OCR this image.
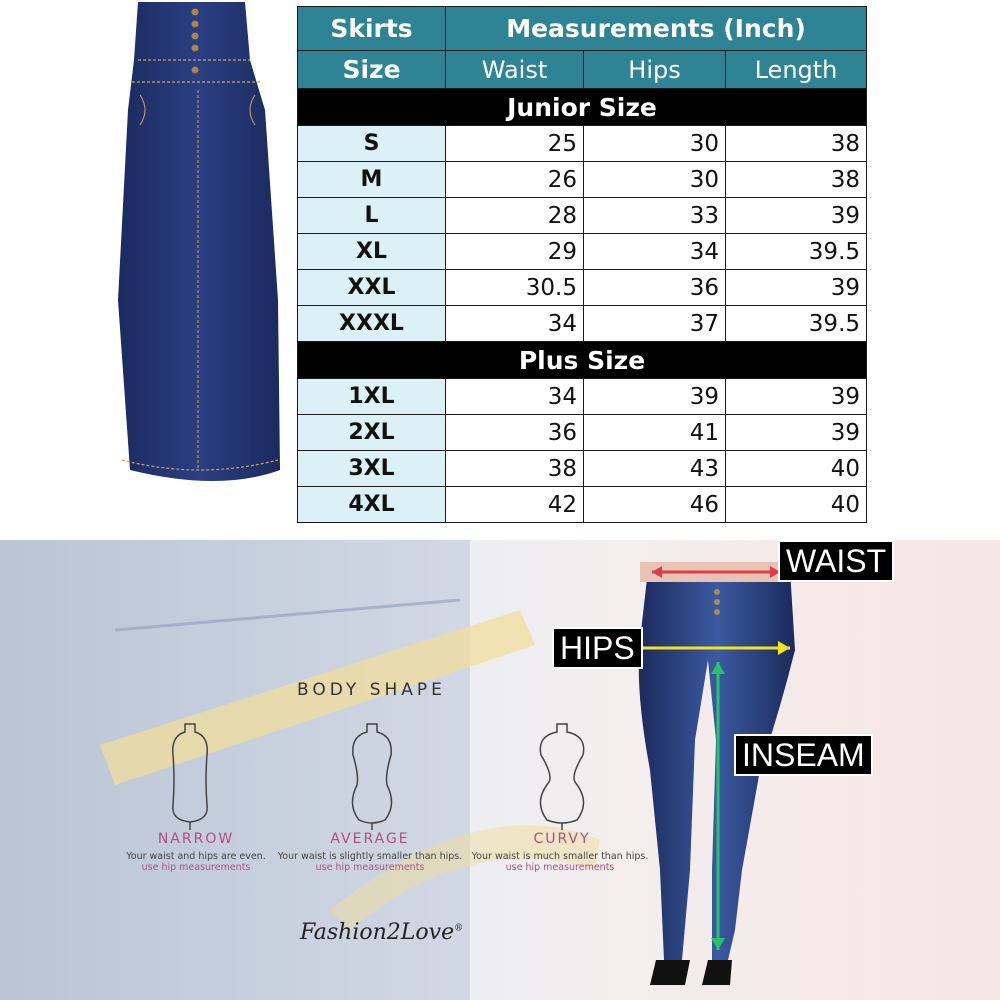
Skirts	Measurements (Inch)		
Size	Waist	Hips	Length
Junior Size			
S	25	30	38
M	26	30	38
L	28	33	39
XL	29	34	39.5
XXL	30.5	36	39
XXXL	34	37	39.5
Plus Size			
1XL	34	39	39
2XL	36	41	39
3XL	38	43	40
4XL	42	46	40
BODY SHAPE
NARROW
Your waist and hips are even.
use hip measurements
AVERAGE
Your waist is slightly smaller than hips.
use hip measurements
CURVY
Your waist is much smaller than hips.
use hip measurements
Fashion2Love®
WAIST
HIPS
INSEAM
